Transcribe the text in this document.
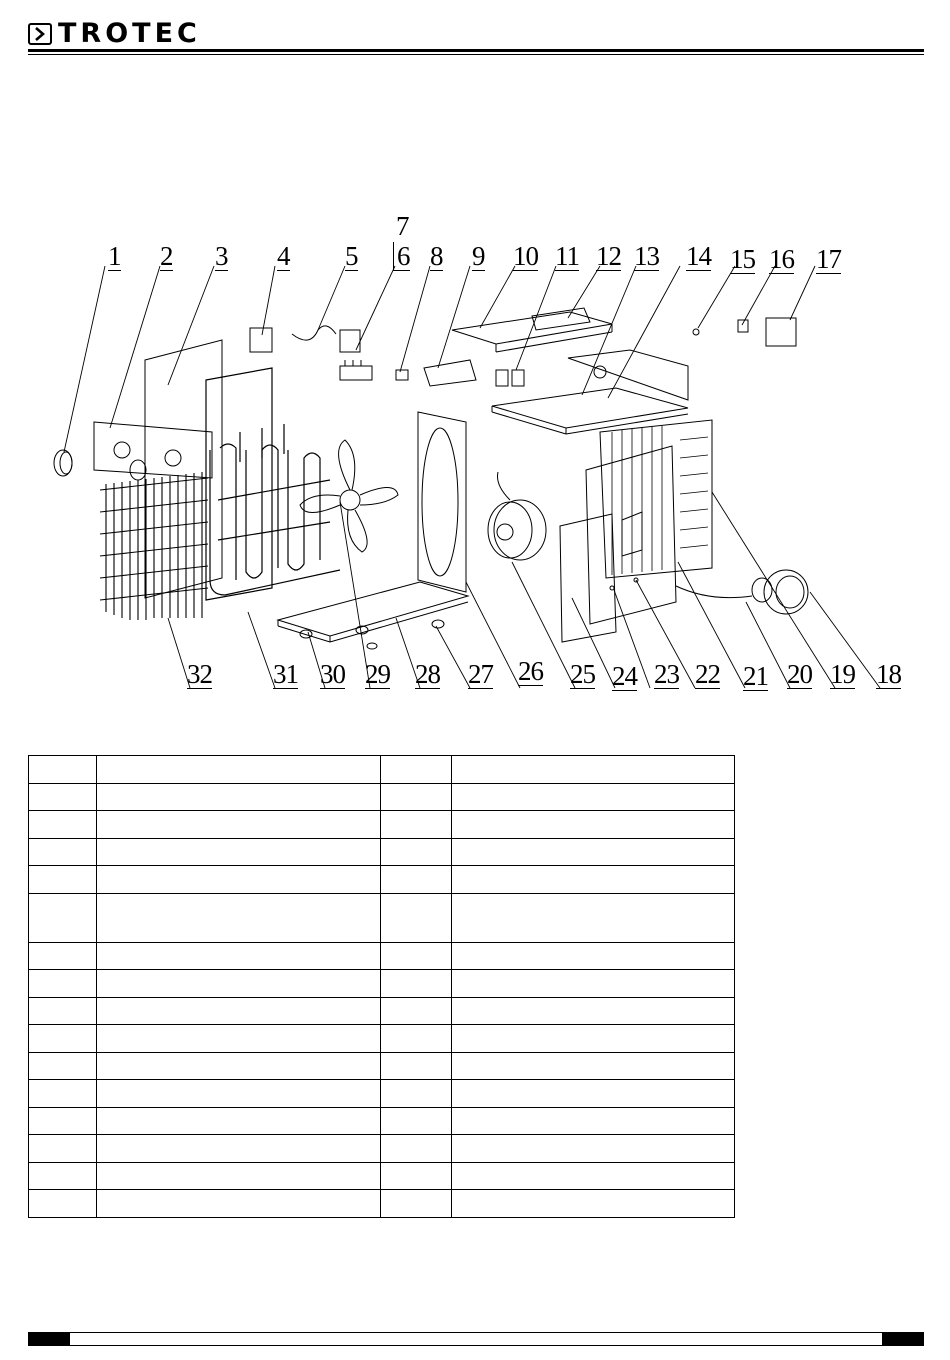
TROTEC
1 2 3 4 5 6
7
8 9 10 11 12 13 14 15 16 17
18
19
20
21
22
23
24
25
26
27
28
29
30
31
32
